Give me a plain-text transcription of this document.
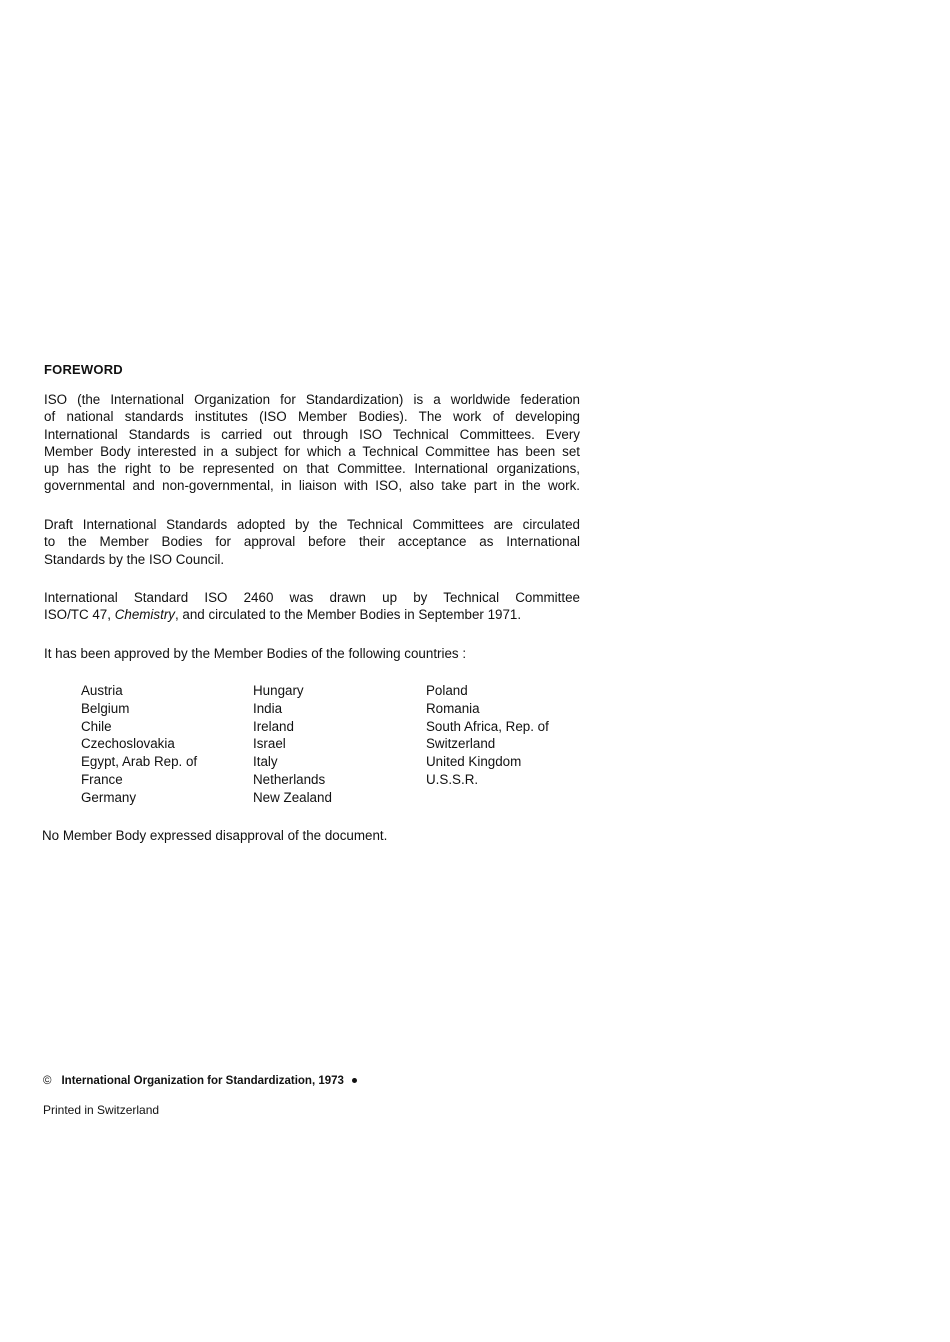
FOREWORD
ISO (the International Organization for Standardization) is a worldwide federation
of national standards institutes (ISO Member Bodies). The work of developing
International Standards is carried out through ISO Technical Committees. Every
Member Body interested in a subject for which a Technical Committee has been set
up has the right to be represented on that Committee. International organizations,
governmental and non-governmental, in liaison with ISO, also take part in the work.
Draft International Standards adopted by the Technical Committees are circulated
to the Member Bodies for approval before their acceptance as International
Standards by the ISO Council.
International Standard ISO 2460 was drawn up by Technical Committee
ISO/TC 47, Chemistry, and circulated to the Member Bodies in September 1971.
It has been approved by the Member Bodies of the following countries :
Austria
Belgium
Chile
Czechoslovakia
Egypt, Arab Rep. of
France
Germany
Hungary
India
Ireland
Israel
Italy
Netherlands
New Zealand
Poland
Romania
South Africa, Rep. of
Switzerland
United Kingdom
U.S.S.R.
No Member Body expressed disapproval of the document.
© International Organization for Standardization, 1973
Printed in Switzerland
